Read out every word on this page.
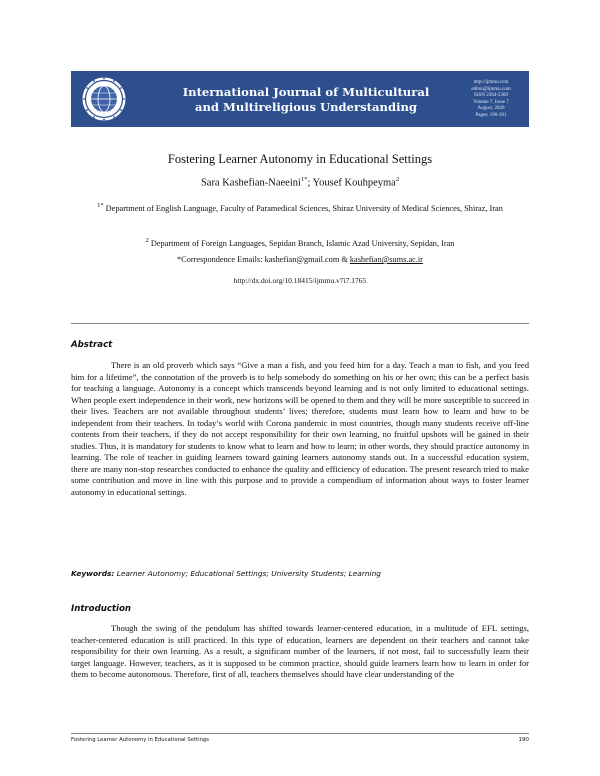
International Journal of Multicultural
and Multireligious Understanding
http://ijmmu.com
editor@ijmmu.com
ISSN 2364-5369
Volume 7, Issue 7
August, 2020
Pages: 190-201
Fostering Learner Autonomy in Educational Settings
Sara Kashefian-Naeeini$^{1*}$; Yousef Kouhpeyma$^2$
$^{1*}$ Department of English Language, Faculty of Paramedical Sciences, Shiraz University of Medical Sciences, Shiraz, Iran
$^2$ Department of Foreign Languages, Sepidan Branch, Islamic Azad University, Sepidan, Iran
*Correspondence Emails: kashefian@gmail.com & kashefian@sums.ac.ir
http://dx.doi.org/10.18415/ijmmu.v7i7.1765
Abstract

There is an old proverb which says “Give a man a fish, and you feed him for a day. Teach a man to fish, and you feed him for a lifetime”, the connotation of the proverb is to help somebody do something on his or her own; this can be a perfect basis for teaching a language. Autonomy is a concept which transcends beyond learning and is not only limited to educational settings. When people exert independence in their work, new horizons will be opened to them and they will be more susceptible to succeed in their lives. Teachers are not available throughout students’ lives; therefore, students must learn how to learn and how to be independent from their teachers. In today’s world with Corona pandemic in most countries, though many students receive off-line contents from their teachers, if they do not accept responsibility for their own learning, no fruitful upshots will be gained in their studies. Thus, it is mandatory for students to know what to learn and how to learn; in other words, they should practice autonomy in learning. The role of teacher in guiding learners toward gaining learners autonomy stands out. In a successful education system, there are many non-stop researches conducted to enhance the quality and efficiency of education. The present research tried to make some contribution and move in line with this purpose and to provide a compendium of information about ways to foster learner autonomy in educational settings.

Keywords: Learner Autonomy; Educational Settings; University Students; Learning
Introduction

Though the swing of the pendulum has shifted towards learner-centered education, in a multitude of EFL settings, teacher-centered education is still practiced. In this type of education, learners are dependent on their teachers and cannot take responsibility for their own learning. As a result, a significant number of the learners, if not most, fail to successfully learn their target language. However, teachers, as it is supposed to be common practice, should guide learners learn how to learn in order for them to become autonomous. Therefore, first of all, teachers themselves should have clear understanding of the

Fostering Learner Autonomy in Educational Settings	190
